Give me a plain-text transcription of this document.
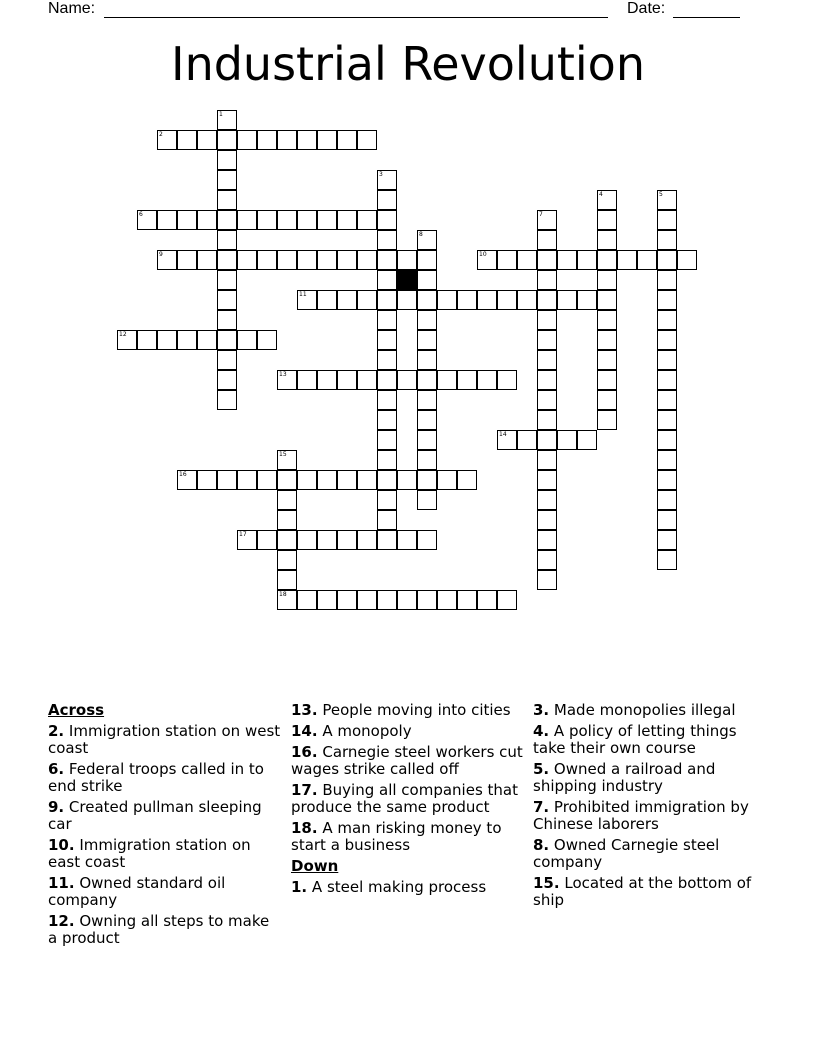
Name:	Date:
Industrial Revolution
1
2
3
4	5
6	7
8
9	10
11
12
13
14
15
18
16
17
Across
2. Immigration station on west coast
6. Federal troops called in to end strike
9. Created pullman sleeping car
10. Immigration station on east coast
11. Owned standard oil company
12. Owning all steps to make a product
13. People moving into cities
14. A monopoly
16. Carnegie steel workers cut wages strike called off
17. Buying all companies that produce the same product
18. A man risking money to start a business
Down
1. A steel making process
3. Made monopolies illegal
4. A policy of letting things take their own course
5. Owned a railroad and shipping industry
7. Prohibited immigration by Chinese laborers
8. Owned Carnegie steel company
15. Located at the bottom of ship
